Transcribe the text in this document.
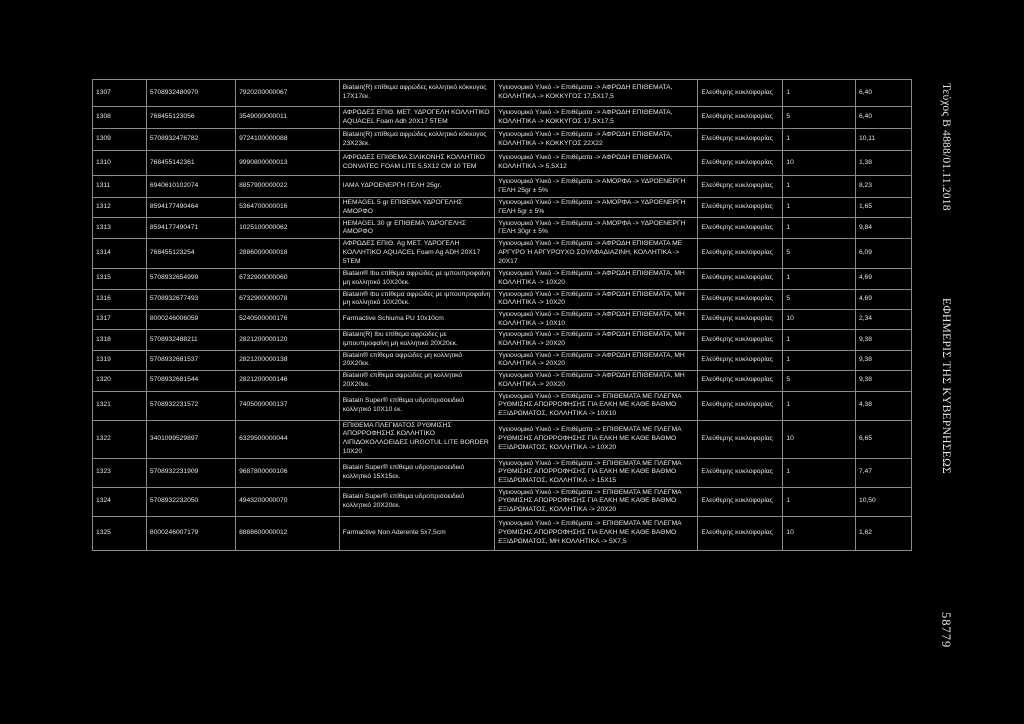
1307	5708932480970	7920200000067	Biatain(R) επίθεμα αφρώδες κολλητικό κόκκυγος 17Χ17εκ.	Υγειονομικό Υλικό -> Επιθέματα -> ΑΦΡΩΔΗ ΕΠΙΘΕΜΑΤΑ, ΚΟΛΛΗΤΙΚΑ -> ΚΟΚΚΥΓΟΣ 17,5Χ17,5	Ελεύθερης κυκλοφορίας	1	6,40
1308	768455123056	3549000000011	ΑΦΡΩΔΕΣ ΕΠΙΘ. ΜΕΤ. ΥΔΡΟΓΕΛΗ ΚΟΛΛΗΤΙΚΟ AQUACEL Foam Adh 20X17 5TEM	Υγειονομικό Υλικό -> Επιθέματα -> ΑΦΡΩΔΗ ΕΠΙΘΕΜΑΤΑ, ΚΟΛΛΗΤΙΚΑ -> ΚΟΚΚΥΓΟΣ 17,5Χ17,5	Ελεύθερης κυκλοφορίας	5	6,40
1309	5708932476782	9724100000088	Biatain(R) επίθεμα αφρώδες κολλητικό κόκκυγος 23Χ23εκ.	Υγειονομικό Υλικό -> Επιθέματα -> ΑΦΡΩΔΗ ΕΠΙΘΕΜΑΤΑ, ΚΟΛΛΗΤΙΚΑ -> ΚΟΚΚΥΓΟΣ 22Χ22	Ελεύθερης κυκλοφορίας	1	10,11
1310	768455142361	9990800000013	ΑΦΡΩΔΕΣ ΕΠΙΘΕΜΑ ΣΙΛΙΚΟΝΗΣ ΚΟΛΛΗΤΙΚΟ CONVATEC FOAM LITE 5,5X12 CM 10 TEM	Υγειονομικό Υλικό -> Επιθέματα -> ΑΦΡΩΔΗ ΕΠΙΘΕΜΑΤΑ, ΚΟΛΛΗΤΙΚΑ -> 5,5X12	Ελεύθερης κυκλοφορίας	10	1,38
1311	6940610102074	8857900000022	ΙΑΜΑ ΥΔΡΟΕΝΕΡΓΗ ΓΕΛΗ 25gr.	Υγειονομικό Υλικό -> Επιθέματα -> ΑΜΟΡΦΑ -> ΥΔΡΟΕΝΕΡΓΗ ΓΕΛΗ 25gr ± 5%	Ελεύθερης κυκλοφορίας	1	8,23
1312	8594177490464	5364700000016	HEMAGEL 5 gr ΕΠΙΘΕΜΑ ΥΔΡΟΓΕΛΗΣ ΑΜΟΡΦΟ	Υγειονομικό Υλικό -> Επιθέματα -> ΑΜΟΡΦΑ -> ΥΔΡΟΕΝΕΡΓΗ ΓΕΛΗ 5gr ± 5%	Ελεύθερης κυκλοφορίας	1	1,65
1313	8594177490471	1025100000062	HEMAGEL 30 gr ΕΠΙΘΕΜΑ ΥΔΡΟΓΕΛΗΣ ΑΜΟΡΦΟ	Υγειονομικό Υλικό -> Επιθέματα -> ΑΜΟΡΦΑ -> ΥΔΡΟΕΝΕΡΓΗ ΓΕΛΗ 30gr ± 5%	Ελεύθερης κυκλοφορίας	1	9,84
1314	768455123254	2886000000018	ΑΦΡΩΔΕΣ ΕΠΙΘ. Ag ΜΕΤ. ΥΔΡΟΓΕΛΗ ΚΟΛΛΗΤΙΚΟ AQUACEL Foam Ag ADH 20X17 5TEM	Υγειονομικό Υλικό -> Επιθέματα -> ΑΦΡΩΔΗ ΕΠΙΘΕΜΑΤΑ ΜΕ ΑΡΓΥΡΟ Ή ΑΡΓΥΡΟΥΧΟ ΣΟΥΛΦΑΔΙΑΖΙΝΗ, ΚΟΛΛΗΤΙΚΑ -> 20Χ17	Ελεύθερης κυκλοφορίας	5	6,09
1315	5708932654999	6732900000060	Biatain® Ibu επίθεμα αφρώδες με ιμπουπροφαίνη μη κολλητικό 10Χ20εκ.	Υγειονομικό Υλικό -> Επιθέματα -> ΑΦΡΩΔΗ ΕΠΙΘΕΜΑΤΑ, ΜΗ ΚΟΛΛΗΤΙΚΑ -> 10Χ20	Ελεύθερης κυκλοφορίας	1	4,69
1316	5708932677493	6732900000078	Biatain® Ibu επίθεμα αφρώδες με ιμπουπροφαίνη μη κολλητικό 10Χ20εκ.	Υγειονομικό Υλικό -> Επιθέματα -> ΑΦΡΩΔΗ ΕΠΙΘΕΜΑΤΑ, ΜΗ ΚΟΛΛΗΤΙΚΑ -> 10Χ20	Ελεύθερης κυκλοφορίας	5	4,69
1317	8000246006059	5240500000176	Farmactive Schiuma PU 10x10cm	Υγειονομικό Υλικό -> Επιθέματα -> ΑΦΡΩΔΗ ΕΠΙΘΕΜΑΤΑ, ΜΗ ΚΟΛΛΗΤΙΚΑ -> 10Χ10	Ελεύθερης κυκλοφορίας	10	2,34
1318	5708932488211	2821200000120	Biatain(R) Ibu επίθεμα αφρώδες με ιμπουπροφαίνη μη κολλητικό 20Χ20εκ.	Υγειονομικό Υλικό -> Επιθέματα -> ΑΦΡΩΔΗ ΕΠΙΘΕΜΑΤΑ, ΜΗ ΚΟΛΛΗΤΙΚΑ -> 20Χ20	Ελεύθερης κυκλοφορίας	1	9,38
1319	5708932681537	2821200000138	Biatain® επίθεμα αφρώδες μη κολλητικό 20Χ20εκ.	Υγειονομικό Υλικό -> Επιθέματα -> ΑΦΡΩΔΗ ΕΠΙΘΕΜΑΤΑ, ΜΗ ΚΟΛΛΗΤΙΚΑ -> 20Χ20	Ελεύθερης κυκλοφορίας	1	9,38
1320	5708932681544	2821200000146	Biatain® επίθεμα αφρώδες μη κολλητικό 20Χ20εκ.	Υγειονομικό Υλικό -> Επιθέματα -> ΑΦΡΩΔΗ ΕΠΙΘΕΜΑΤΑ, ΜΗ ΚΟΛΛΗΤΙΚΑ -> 20Χ20	Ελεύθερης κυκλοφορίας	5	9,38
1321	5708932231572	7405000000137	Biatain Super® επίθεμα υδροπρισοειδικό κολλητικό 10Χ10 εκ.	Υγειονομικό Υλικό -> Επιθέματα -> ΕΠΙΘΕΜΑΤΑ ΜΕ ΠΛΕΓΜΑ ΡΥΘΜΙΣΗΣ ΑΠΟΡΡΟΦΗΣΗΣ ΓΙΑ ΕΛΚΗ ΜΕ ΚΑΘΕ ΒΑΘΜΟ ΕΞΙΔΡΩΜΑΤΟΣ, ΚΟΛΛΗΤΙΚΑ -> 10Χ10	Ελεύθερης κυκλοφορίας	1	4,38
1322	3401099529897	6329500000044	ΕΠΙΘΕΜΑ ΠΛΕΓΜΑΤΟΣ ΡΥΘΜΙΣΗΣ ΑΠΟΡΡΟΦΗΣΗΣ ΚΟΛΛΗΤΙΚΟ ΛΙΠΙΔΟΚΟΛΛΟΕΙΔΕΣ URGOTUL LITE BORDER 10Χ20	Υγειονομικό Υλικό -> Επιθέματα -> ΕΠΙΘΕΜΑΤΑ ΜΕ ΠΛΕΓΜΑ ΡΥΘΜΙΣΗΣ ΑΠΟΡΡΟΦΗΣΗΣ ΓΙΑ ΕΛΚΗ ΜΕ ΚΑΘΕ ΒΑΘΜΟ ΕΞΙΔΡΩΜΑΤΟΣ, ΚΟΛΛΗΤΙΚΑ -> 10Χ20	Ελεύθερης κυκλοφορίας	10	6,65
1323	5708932231909	9687800000106	Biatain Super® επίθεμα υδροπρισοειδικό κολλητικό 15Χ15εκ.	Υγειονομικό Υλικό -> Επιθέματα -> ΕΠΙΘΕΜΑΤΑ ΜΕ ΠΛΕΓΜΑ ΡΥΘΜΙΣΗΣ ΑΠΟΡΡΟΦΗΣΗΣ ΓΙΑ ΕΛΚΗ ΜΕ ΚΑΘΕ ΒΑΘΜΟ ΕΞΙΔΡΩΜΑΤΟΣ, ΚΟΛΛΗΤΙΚΑ -> 15Χ15	Ελεύθερης κυκλοφορίας	1	7,47
1324	5708932232050	4943200000070	Biatain Super® επίθεμα υδροπρισοειδικό κολλητικό 20Χ20εκ.	Υγειονομικό Υλικό -> Επιθέματα -> ΕΠΙΘΕΜΑΤΑ ΜΕ ΠΛΕΓΜΑ ΡΥΘΜΙΣΗΣ ΑΠΟΡΡΟΦΗΣΗΣ ΓΙΑ ΕΛΚΗ ΜΕ ΚΑΘΕ ΒΑΘΜΟ ΕΞΙΔΡΩΜΑΤΟΣ, ΚΟΛΛΗΤΙΚΑ -> 20Χ20	Ελεύθερης κυκλοφορίας	1	10,50
1325	8000246007179	8888600000012	Farmactive Non Aderente 5x7,5cm	Υγειονομικό Υλικό -> Επιθέματα -> ΕΠΙΘΕΜΑΤΑ ΜΕ ΠΛΕΓΜΑ ΡΥΘΜΙΣΗΣ ΑΠΟΡΡΟΦΗΣΗΣ ΓΙΑ ΕΛΚΗ ΜΕ ΚΑΘΕ ΒΑΘΜΟ ΕΞΙΔΡΩΜΑΤΟΣ, ΜΗ ΚΟΛΛΗΤΙΚΑ -> 5Χ7,5	Ελεύθερης κυκλοφορίας	10	1,62
Τεύχος Β 4888/01.11.2018
ΕΦΗΜΕΡΙΣ ΤΗΣ ΚΥΒΕΡΝΗΣΕΩΣ
58779
